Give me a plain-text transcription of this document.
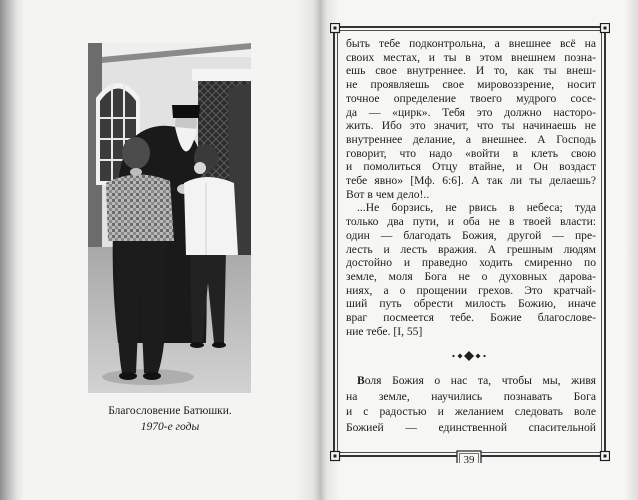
Благословение Батюшки.
1970-е годы
быть тебе подконтрольна, а внешнее всё на
своих местах, и ты в этом внешнем позна-
ешь свое внутреннее. И то, как ты внеш-
не проявляешь свое мировоззрение, носит
точное определение твоего мудрого сосе-
да — «цирк». Тебя это должно насторо-
жить. Ибо это значит, что ты начинаешь не
внутреннее делание, а внешнее. А Господь
говорит, что надо «войти в клеть свою
и помолиться Отцу втайне, и Он воздаст
тебе явно» [Мф. 6:6]. А так ли ты делаешь?
Вот в чем дело!..
...Не борзись, не рвись в небеса; туда
только два пути, и оба не в твоей власти:
один — благодать Божия, другой — пре-
лесть и лесть вражия. А грешным людям
достойно и праведно ходить смиренно по
земле, моля Бога не о духовных дарова-
ниях, а о прощении грехов. Это кратчай-
ший путь обрести милость Божию, иначе
враг посмеется тебе. Божие благослове-
ние тебе. [I, 55]
Воля Божия о нас та, чтобы мы, живя
на земле, научились познавать Бога
и с радостью и желанием следовать воле
Божией — единственной спасительной
39
